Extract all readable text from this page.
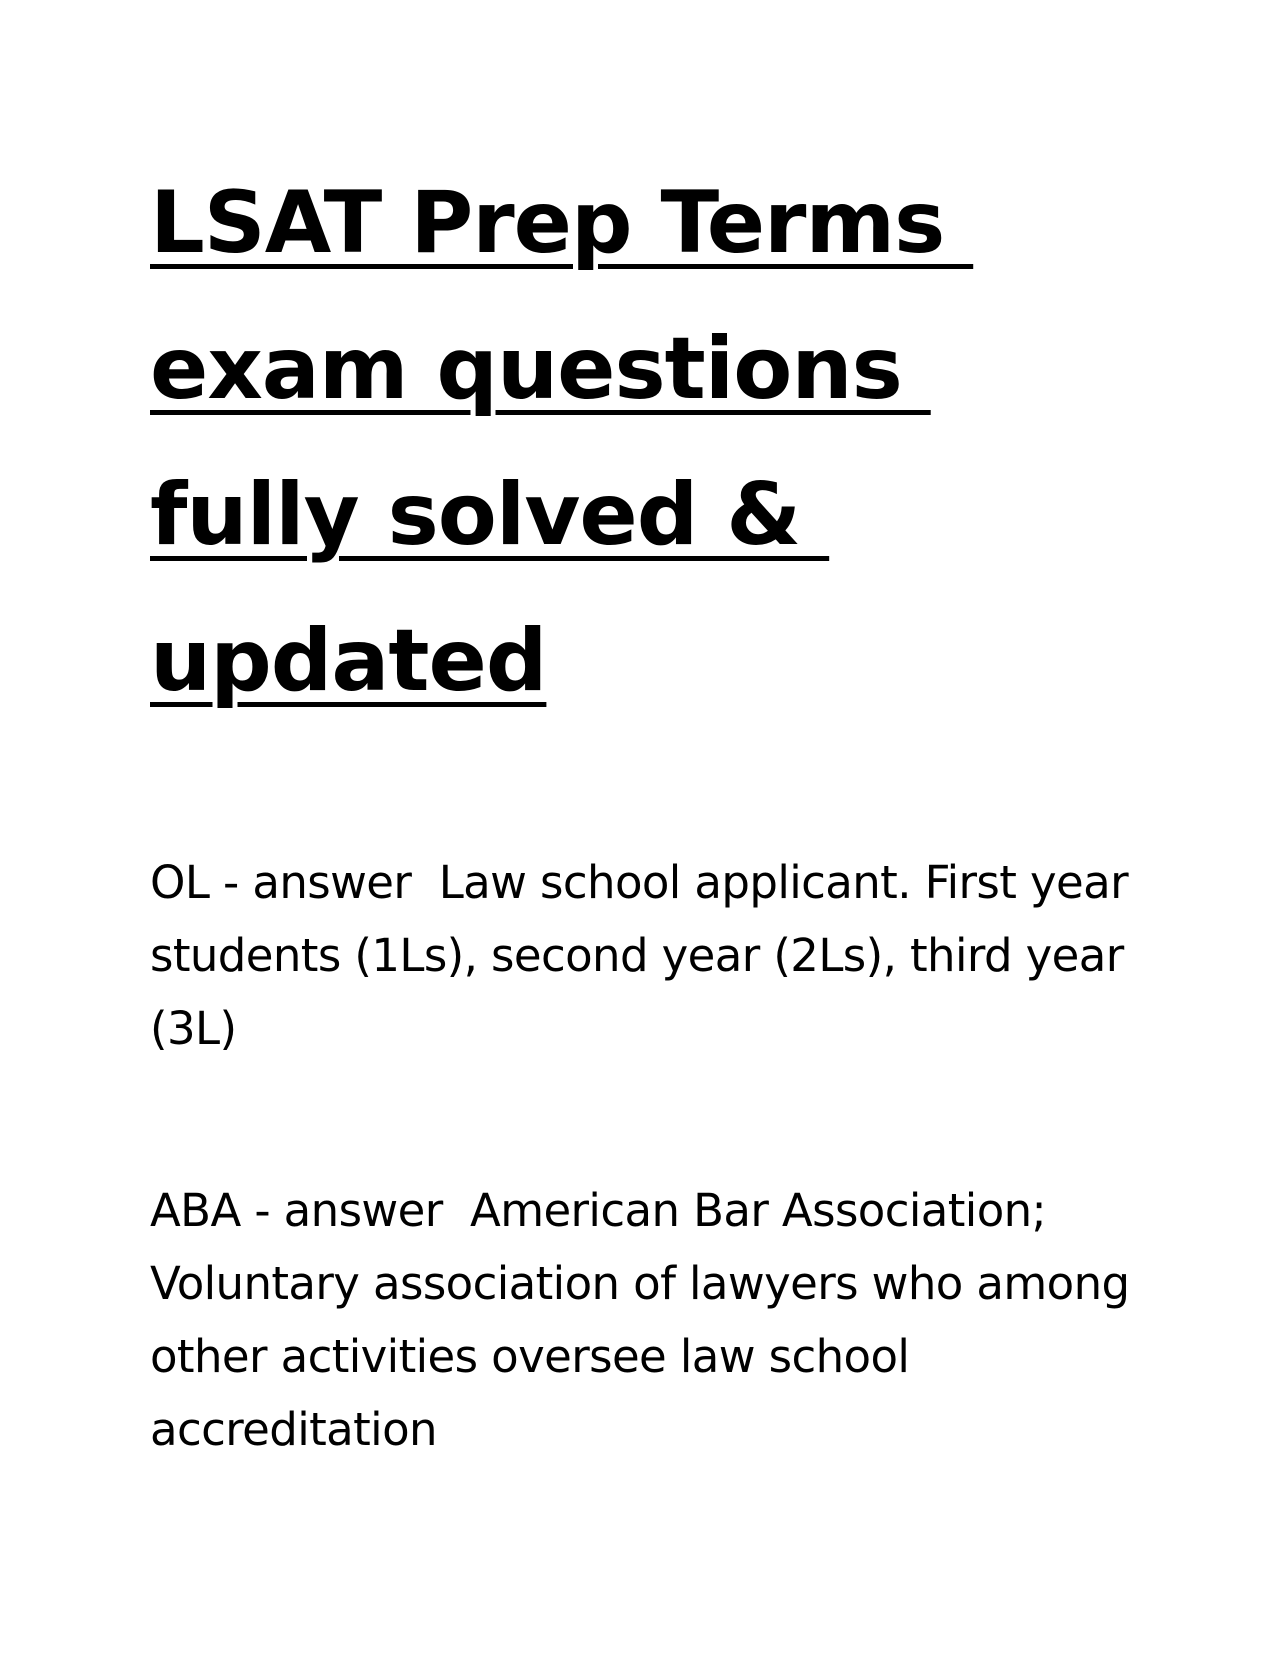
LSAT Prep Terms
exam questions
fully solved &
updated

OL - answer  Law school applicant. First year students (1Ls), second year (2Ls), third year (3L)

ABA - answer  American Bar Association; Voluntary association of lawyers who among other activities oversee law school accreditation
